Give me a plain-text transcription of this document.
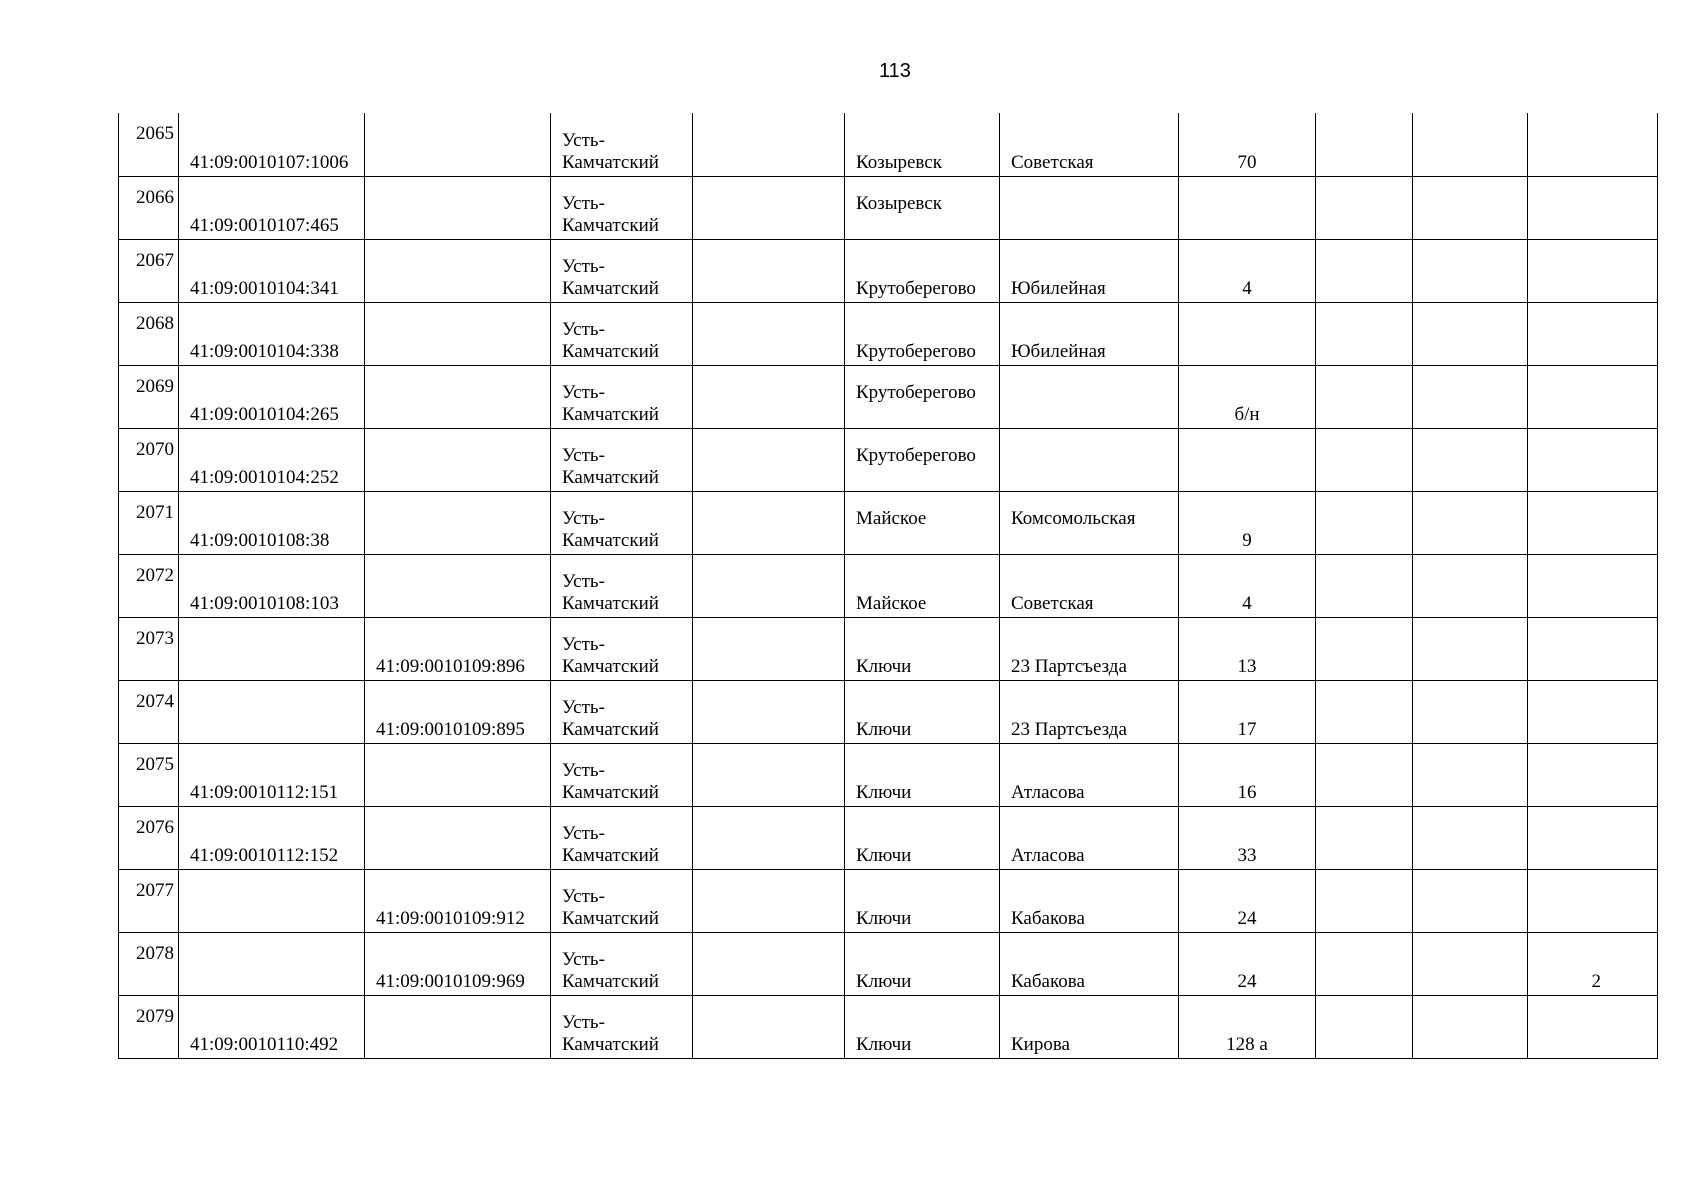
113
2065	41:09:0010107:1006		Усть-Камчатский		Козыревск	Советская	70			

2066	41:09:0010107:465		Усть-Камчатский		Козыревск					

2067	41:09:0010104:341		Усть-Камчатский		Крутоберегово	Юбилейная	4			

2068	41:09:0010104:338		Усть-Камчатский		Крутоберегово	Юбилейная				

2069	41:09:0010104:265		Усть-Камчатский		Крутоберегово		б/н			

2070	41:09:0010104:252		Усть-Камчатский		Крутоберегово					

2071	41:09:0010108:38		Усть-Камчатский		Майское	Комсомольская	9			

2072	41:09:0010108:103		Усть-Камчатский		Майское	Советская	4			

2073		41:09:0010109:896	Усть-Камчатский		Ключи	23 Партсъезда	13			

2074		41:09:0010109:895	Усть-Камчатский		Ключи	23 Партсъезда	17			

2075	41:09:0010112:151		Усть-Камчатский		Ключи	Атласова	16			

2076	41:09:0010112:152		Усть-Камчатский		Ключи	Атласова	33			

2077		41:09:0010109:912	Усть-Камчатский		Ключи	Кабакова	24			

2078		41:09:0010109:969	Усть-Камчатский		Ключи	Кабакова	24			2

2079	41:09:0010110:492		Усть-Камчатский		Ключи	Кирова	128 а			
